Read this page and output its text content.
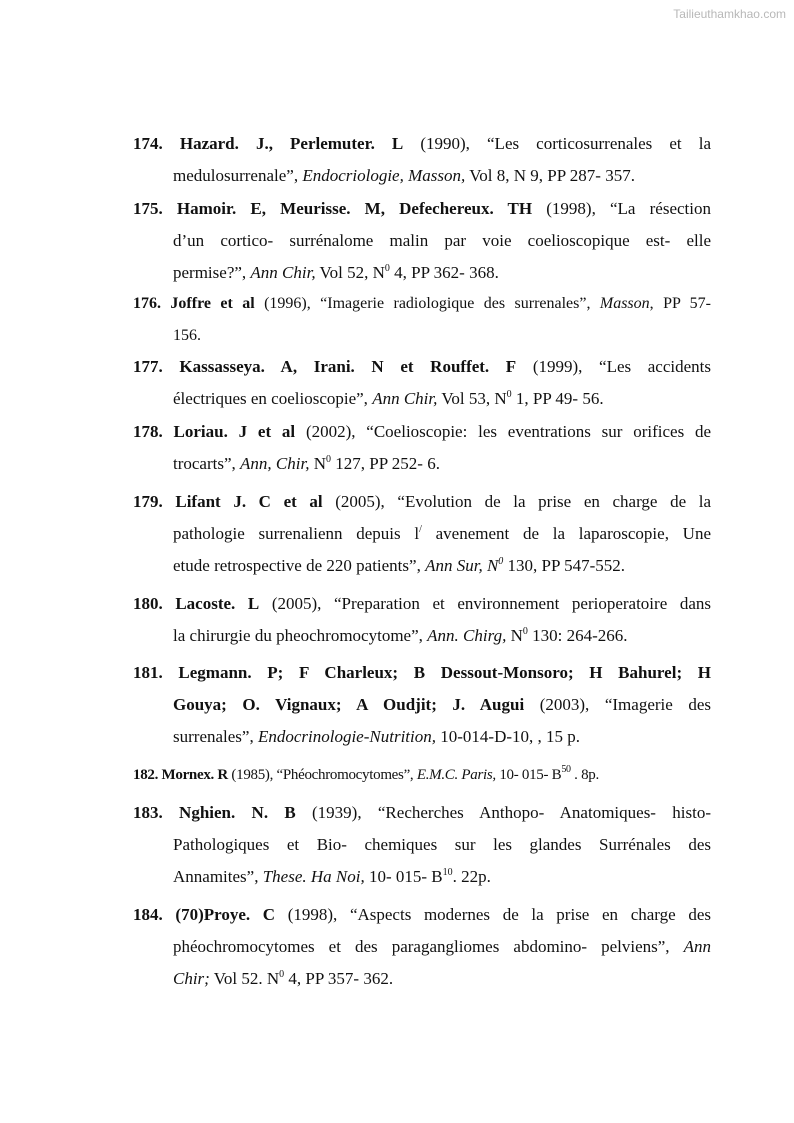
Tailieuthamkhao.com
174. Hazard. J., Perlemuter. L (1990), “Les corticosurrenales et la
medulosurrenale”, Endocriologie, Masson, Vol 8, N 9, PP 287- 357.
175. Hamoir. E, Meurisse. M, Defechereux. TH (1998), “La résection
d’un cortico- surrénalome malin par voie coelioscopique est- elle
permise?”, Ann Chir, Vol 52, $N^0$ 4, PP 362- 368.
176. Joffre et al (1996), “Imagerie radiologique des surrenales”, Masson, PP 57-
156.
177. Kassasseya. A, Irani. N et Rouffet. F (1999), “Les accidents
électriques en coelioscopie”, Ann Chir, Vol 53, $N^0$ 1, PP 49- 56.
178. Loriau. J et al (2002), “Coelioscopie: les eventrations sur orifices de
trocarts”, Ann, Chir, $N^0$ 127, PP 252- 6.
179. Lifant J. C et al (2005), “Evolution de la prise en charge de la
pathologie surrenalienn depuis l/ avenement de la laparoscopie, Une
etude retrospective de 220 patients”, Ann Sur, $N^0$ 130, PP 547-552.
180. Lacoste. L (2005), “Preparation et environnement perioperatoire dans
la chirurgie du pheochromocytome”, Ann. Chirg, $N^0$ 130: 264-266.
181. Legmann. P; F Charleux; B Dessout-Monsoro; H Bahurel; H
Gouya; O. Vignaux; A Oudjit; J. Augui (2003), “Imagerie des
surrenales”, Endocrinologie-Nutrition, 10-014-D-10, , 15 p.
182. Mornex. R (1985), “Phéochromocytomes”, E.M.C. Paris, 10- 015- $B^{50}$ . 8p.
183. Nghien. N. B (1939), “Recherches Anthopo- Anatomiques- histo-
Pathologiques et Bio- chemiques sur les glandes Surrénales des
Annamites”, These. Ha Noi, 10- 015- $B^{10}$. 22p.
184. (70)Proye. C (1998), “Aspects modernes de la prise en charge des
phéochromocytomes et des paragangliomes abdomino- pelviens”, Ann
Chir; Vol 52. $N^0$ 4, PP 357- 362.
